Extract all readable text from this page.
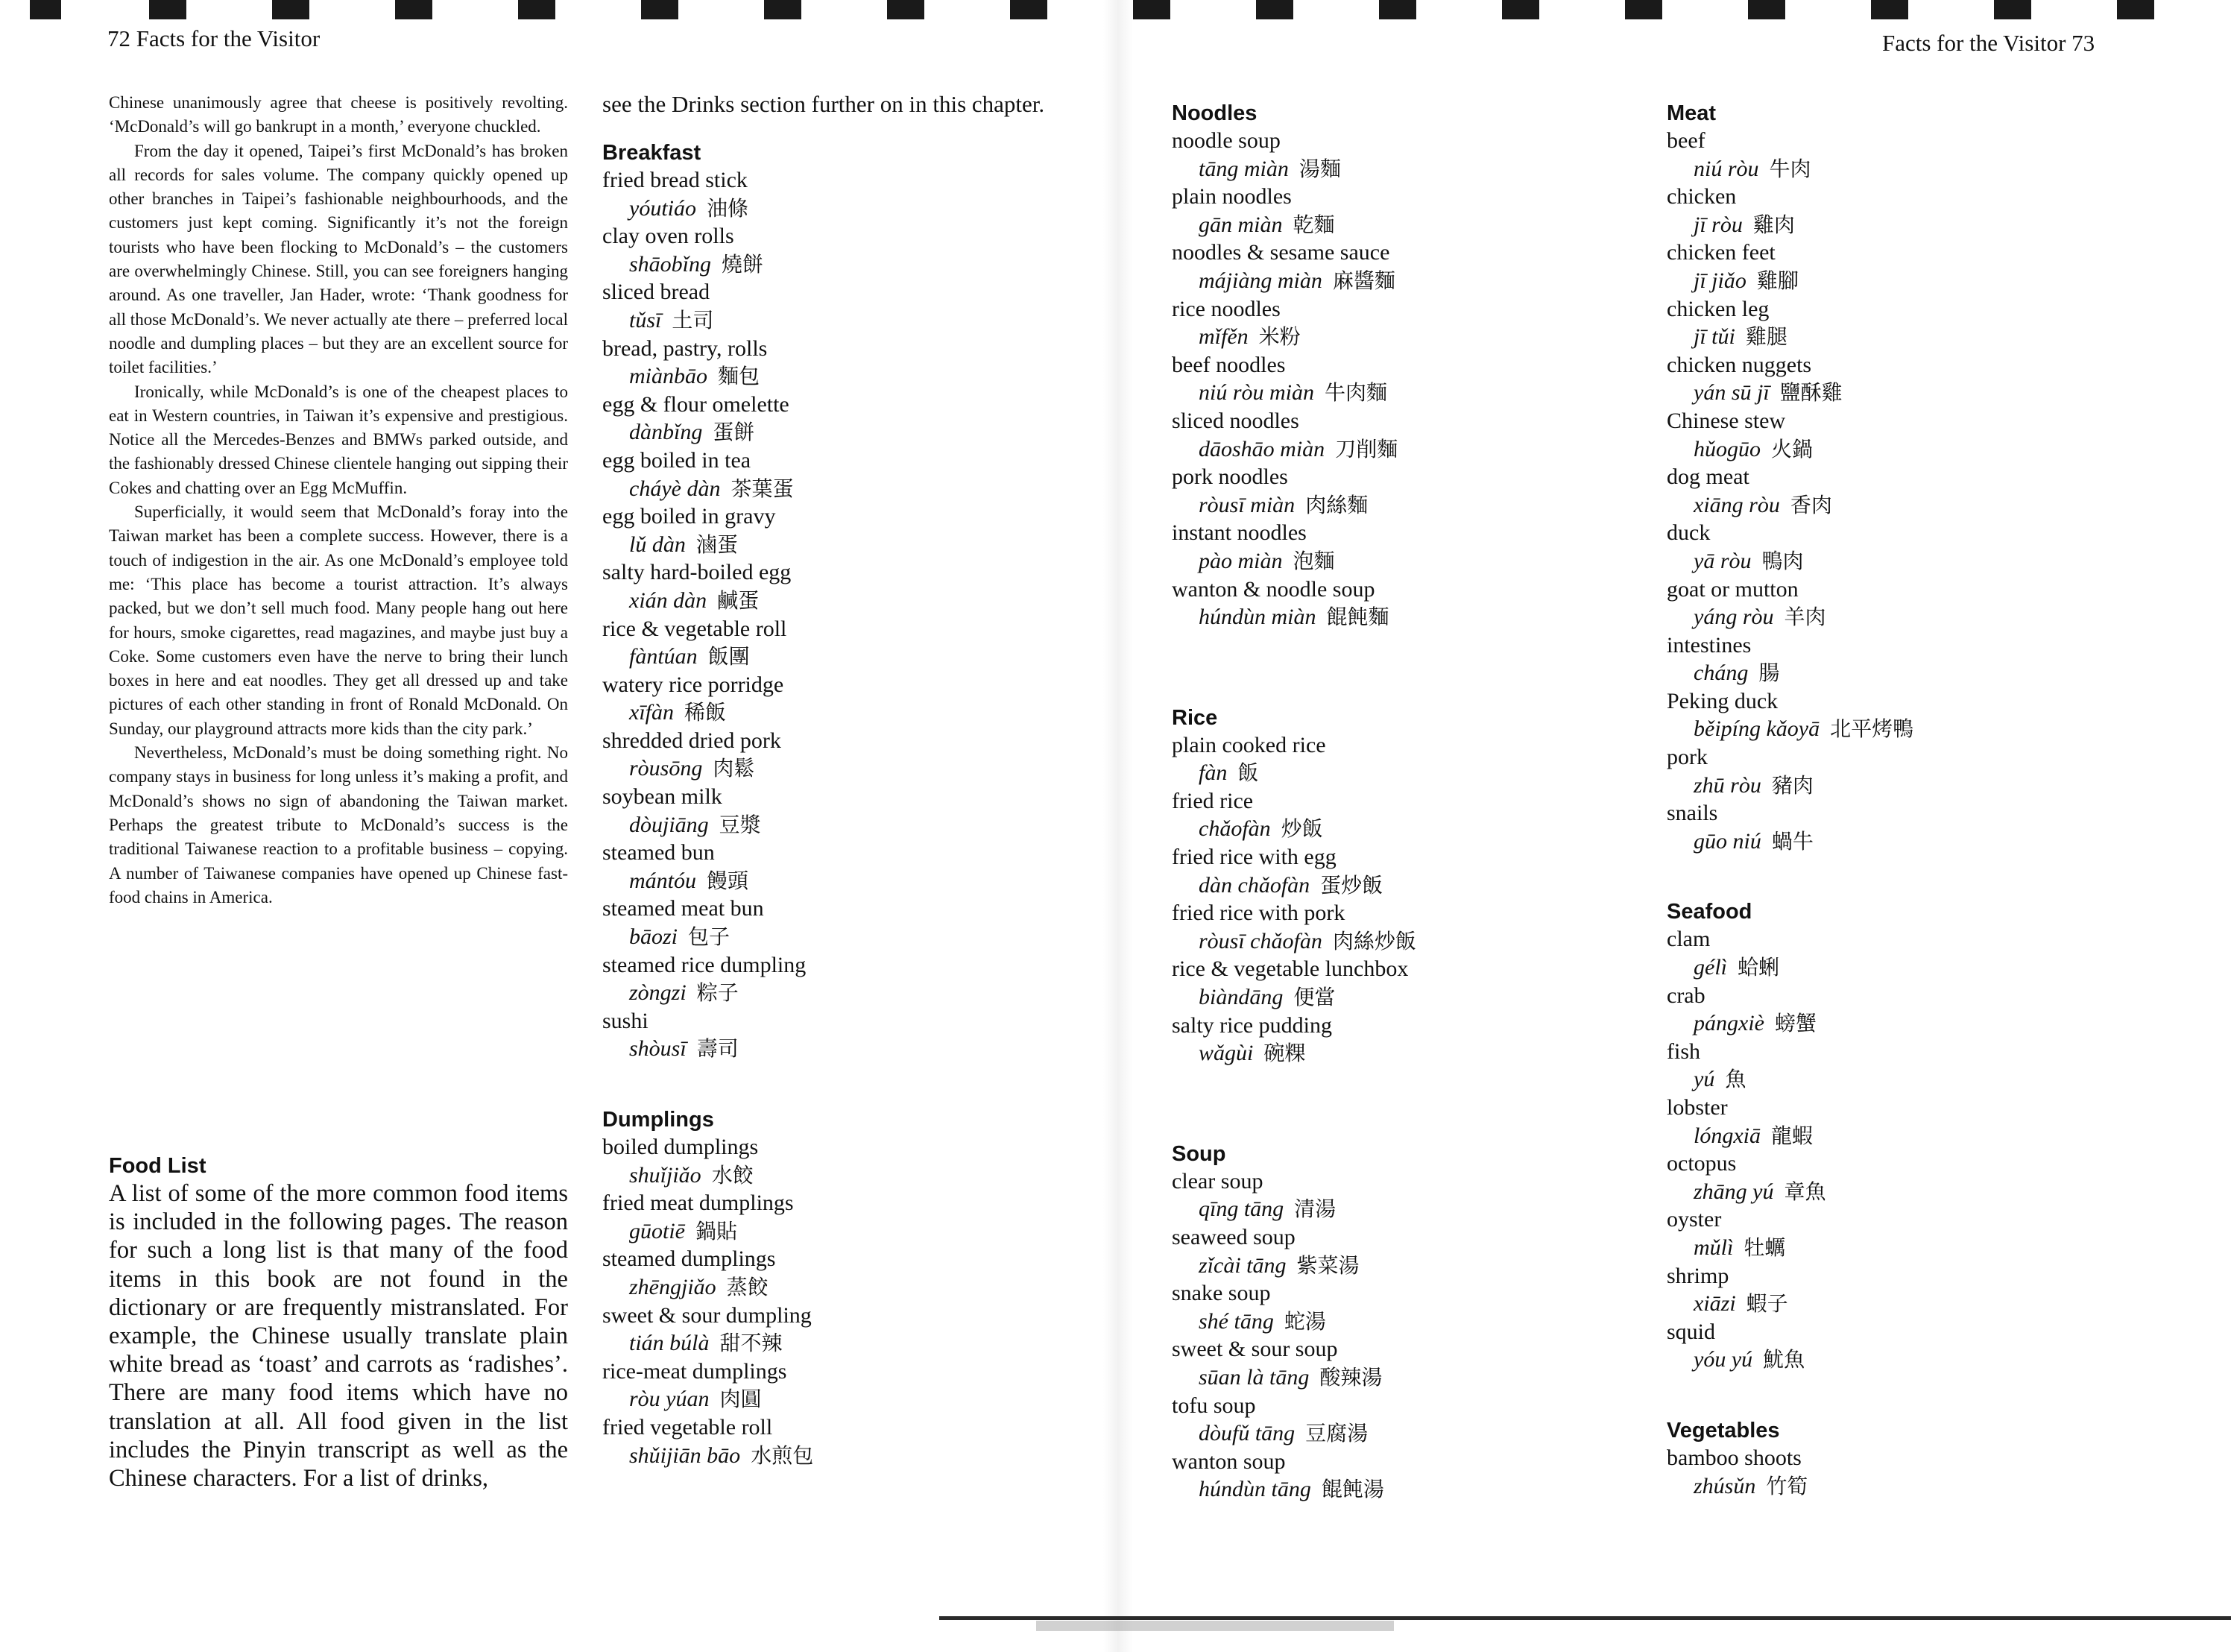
72 Facts for the Visitor

Chinese unanimously agree that cheese is positively revolting. ‘McDonald’s will go bankrupt in a month,’ everyone chuckled.

From the day it opened, Taipei’s first McDonald’s has broken all records for sales volume. The company quickly opened up other branches in Taipei’s fashionable neighbourhoods, and the customers just kept coming. Significantly it’s not the foreign tourists who have been flocking to McDonald’s – the customers are overwhelmingly Chinese. Still, you can see foreigners hanging around. As one traveller, Jan Hader, wrote: ‘Thank goodness for all those McDonald’s. We never actually ate there – preferred local noodle and dumpling places – but they are an excellent source for toilet facilities.’

Ironically, while McDonald’s is one of the cheapest places to eat in Western countries, in Taiwan it’s expensive and prestigious. Notice all the Mercedes-Benzes and BMWs parked outside, and the fashionably dressed Chinese clientele hanging out sipping their Cokes and chatting over an Egg McMuffin.

Superficially, it would seem that McDonald’s foray into the Taiwan market has been a complete success. However, there is a touch of indigestion in the air. As one McDonald’s employee told me: ‘This place has become a tourist attraction. It’s always packed, but we don’t sell much food. Many people hang out here for hours, smoke cigarettes, read magazines, and maybe just buy a Coke. Some customers even have the nerve to bring their lunch boxes in here and eat noodles. They get all dressed up and take pictures of each other standing in front of Ronald McDonald. On Sunday, our playground attracts more kids than the city park.’

Nevertheless, McDonald’s must be doing something right. No company stays in business for long unless it’s making a profit, and McDonald’s shows no sign of abandoning the Taiwan market. Perhaps the greatest tribute to McDonald’s success is the traditional Taiwanese reaction to a profitable business – copying. A number of Taiwanese companies have opened up Chinese fast-food chains in America.

Food List

A list of some of the more common food items is included in the following pages. The reason for such a long list is that many of the food items in this book are not found in the dictionary or are frequently mistranslated. For example, the Chinese usually translate plain white bread as ‘toast’ and carrots as ‘radishes’. There are many food items which have no translation at all. All food given in the list includes the Pinyin transcript as well as the Chinese characters. For a list of drinks,

see the Drinks section further on in this chapter.

Breakfast

fried bread stick
yóutiáo 油條
clay oven rolls
shāobǐng 燒餅
sliced bread
tǔsī 土司
bread, pastry, rolls
miànbāo 麵包
egg & flour omelette
dànbǐng 蛋餅
egg boiled in tea
cháyè dàn 茶葉蛋
egg boiled in gravy
lǔ dàn 滷蛋
salty hard-boiled egg
xián dàn 鹹蛋
rice & vegetable roll
fàntúan 飯團
watery rice porridge
xīfàn 稀飯
shredded dried pork
ròusōng 肉鬆
soybean milk
dòujiāng 豆漿
steamed bun
mántóu 饅頭
steamed meat bun
bāozi 包子
steamed rice dumpling
zòngzi 粽子
sushi
shòusī 壽司

Dumplings

boiled dumplings
shuǐjiǎo 水餃
fried meat dumplings
gūotiē 鍋貼
steamed dumplings
zhēngjiǎo 蒸餃
sweet & sour dumpling
tián búlà 甜不辣
rice-meat dumplings
ròu yúan 肉圓
fried vegetable roll
shǔijiān bāo 水煎包
Facts for the Visitor 73

Noodles

noodle soup
tāng miàn 湯麵
plain noodles
gān miàn 乾麵
noodles & sesame sauce
májiàng miàn 麻醬麵
rice noodles
mǐfěn 米粉
beef noodles
niú ròu miàn 牛肉麵
sliced noodles
dāoshāo miàn 刀削麵
pork noodles
ròusī miàn 肉絲麵
instant noodles
pào miàn 泡麵
wanton & noodle soup
húndùn miàn 餛飩麵

Rice

plain cooked rice
fàn 飯
fried rice
chǎofàn 炒飯
fried rice with egg
dàn chǎofàn 蛋炒飯
fried rice with pork
ròusī chǎofàn 肉絲炒飯
rice & vegetable lunchbox
biàndāng 便當
salty rice pudding
wǎgùi 碗粿

Soup

clear soup
qīng tāng 清湯
seaweed soup
zǐcài tāng 紫菜湯
snake soup
shé tāng 蛇湯
sweet & sour soup
sūan là tāng 酸辣湯
tofu soup
dòufǔ tāng 豆腐湯
wanton soup
húndùn tāng 餛飩湯

Meat

beef
niú ròu 牛肉
chicken
jī ròu 雞肉
chicken feet
jī jiǎo 雞腳
chicken leg
jī tǔi 雞腿
chicken nuggets
yán sū jī 鹽酥雞
Chinese stew
hǔogūo 火鍋
dog meat
xiāng ròu 香肉
duck
yā ròu 鴨肉
goat or mutton
yáng ròu 羊肉
intestines
cháng 腸
Peking duck
běipíng kǎoyā 北平烤鴨
pork
zhū ròu 豬肉
snails
gūo niú 蝸牛

Seafood

clam
gélì 蛤蜊
crab
pángxiè 螃蟹
fish
yú 魚
lobster
lóngxiā 龍蝦
octopus
zhāng yú 章魚
oyster
mǔlì 牡蠣
shrimp
xiāzi 蝦子
squid
yóu yú 魷魚

Vegetables

bamboo shoots
zhúsǔn 竹筍
